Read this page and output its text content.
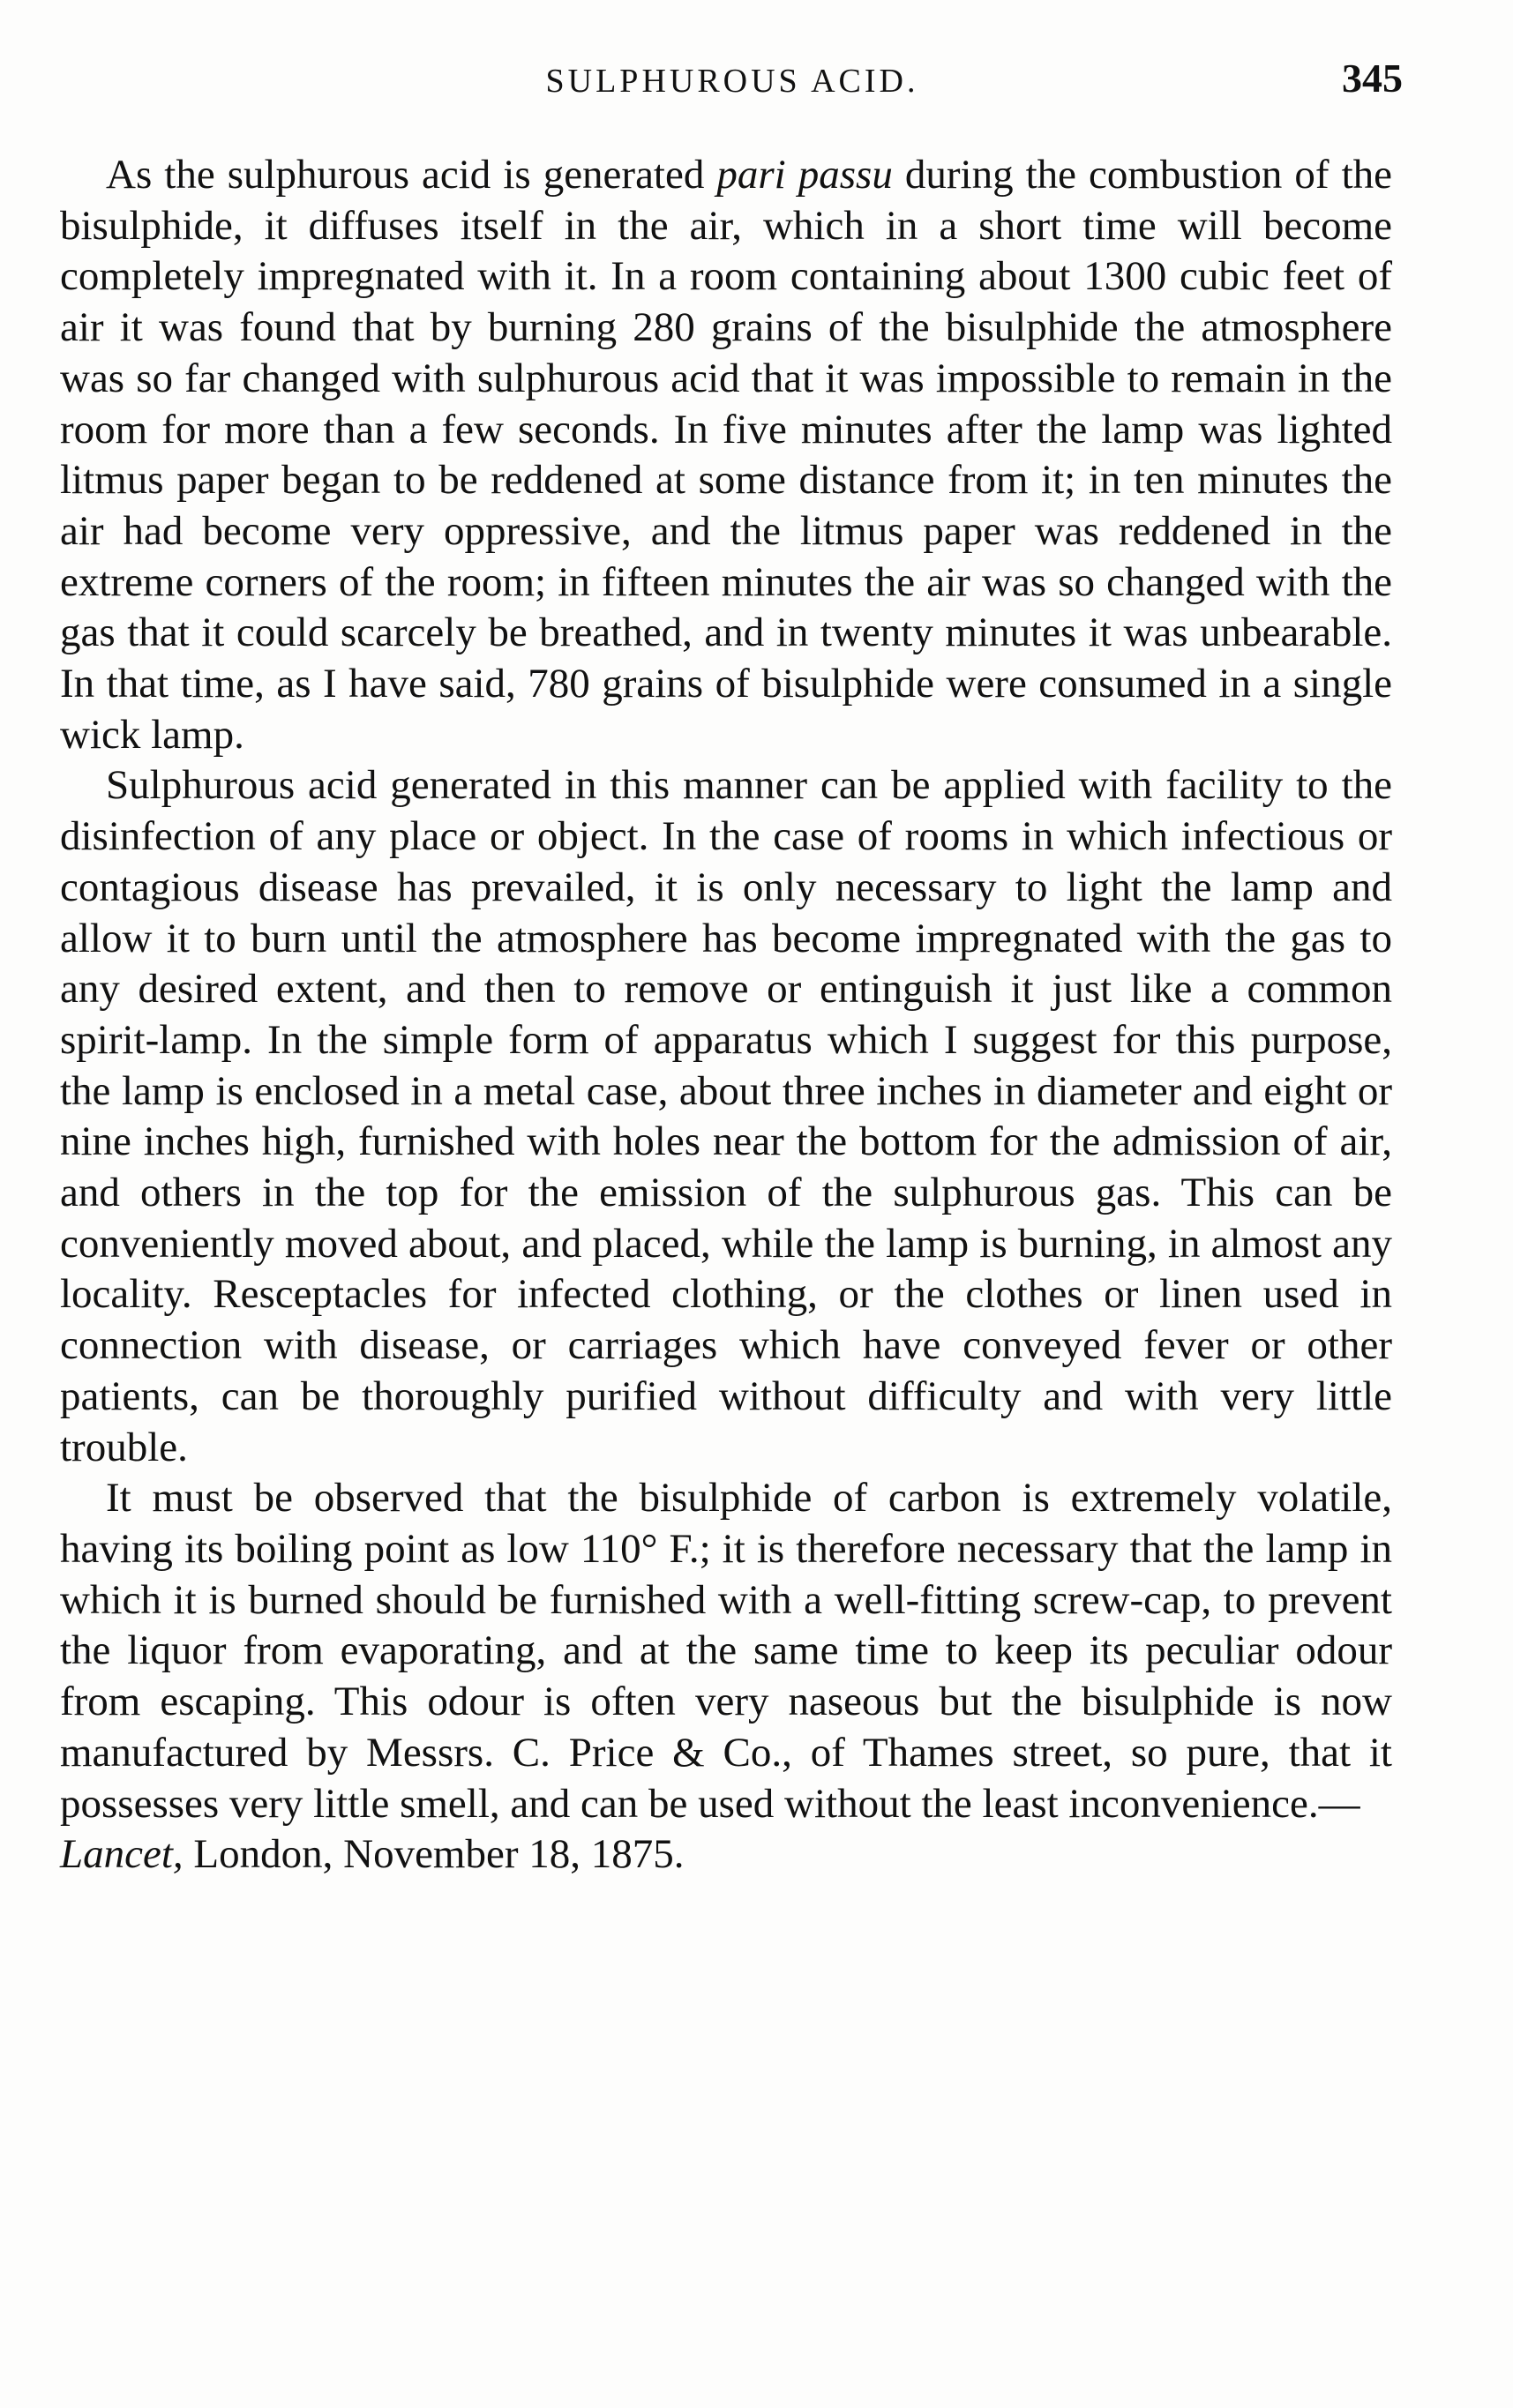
SULPHUROUS ACID.	345

As the sulphurous acid is generated pari passu during the combustion of the bisulphide, it diffuses itself in the air, which in a short time will become completely impregnated with it. In a room containing about 1300 cubic feet of air it was found that by burning 280 grains of the bisulphide the atmosphere was so far changed with sulphurous acid that it was impossible to remain in the room for more than a few seconds. In five minutes after the lamp was lighted litmus paper began to be reddened at some distance from it; in ten minutes the air had become very oppressive, and the litmus paper was reddened in the extreme corners of the room; in fifteen minutes the air was so changed with the gas that it could scarcely be breathed, and in twenty minutes it was unbearable. In that time, as I have said, 780 grains of bisulphide were consumed in a single wick lamp.

Sulphurous acid generated in this manner can be applied with facility to the disinfection of any place or object. In the case of rooms in which infectious or contagious disease has prevailed, it is only necessary to light the lamp and allow it to burn until the atmosphere has become impregnated with the gas to any desired extent, and then to remove or entinguish it just like a common spirit-lamp. In the simple form of apparatus which I suggest for this purpose, the lamp is enclosed in a metal case, about three inches in diameter and eight or nine inches high, furnished with holes near the bottom for the admission of air, and others in the top for the emission of the sulphurous gas. This can be conveniently moved about, and placed, while the lamp is burning, in almost any locality. Resceptacles for infected clothing, or the clothes or linen used in connection with disease, or carriages which have conveyed fever or other patients, can be thoroughly purified without difficulty and with very little trouble.

It must be observed that the bisulphide of carbon is extremely volatile, having its boiling point as low 110° F.; it is therefore necessary that the lamp in which it is burned should be furnished with a well-fitting screw-cap, to prevent the liquor from evaporating, and at the same time to keep its peculiar odour from escaping. This odour is often very naseous but the bisulphide is now manufactured by Messrs. C. Price & Co., of Thames street, so pure, that it possesses very little smell, and can be used without the least inconvenience.—

Lancet, London, November 18, 1875.
